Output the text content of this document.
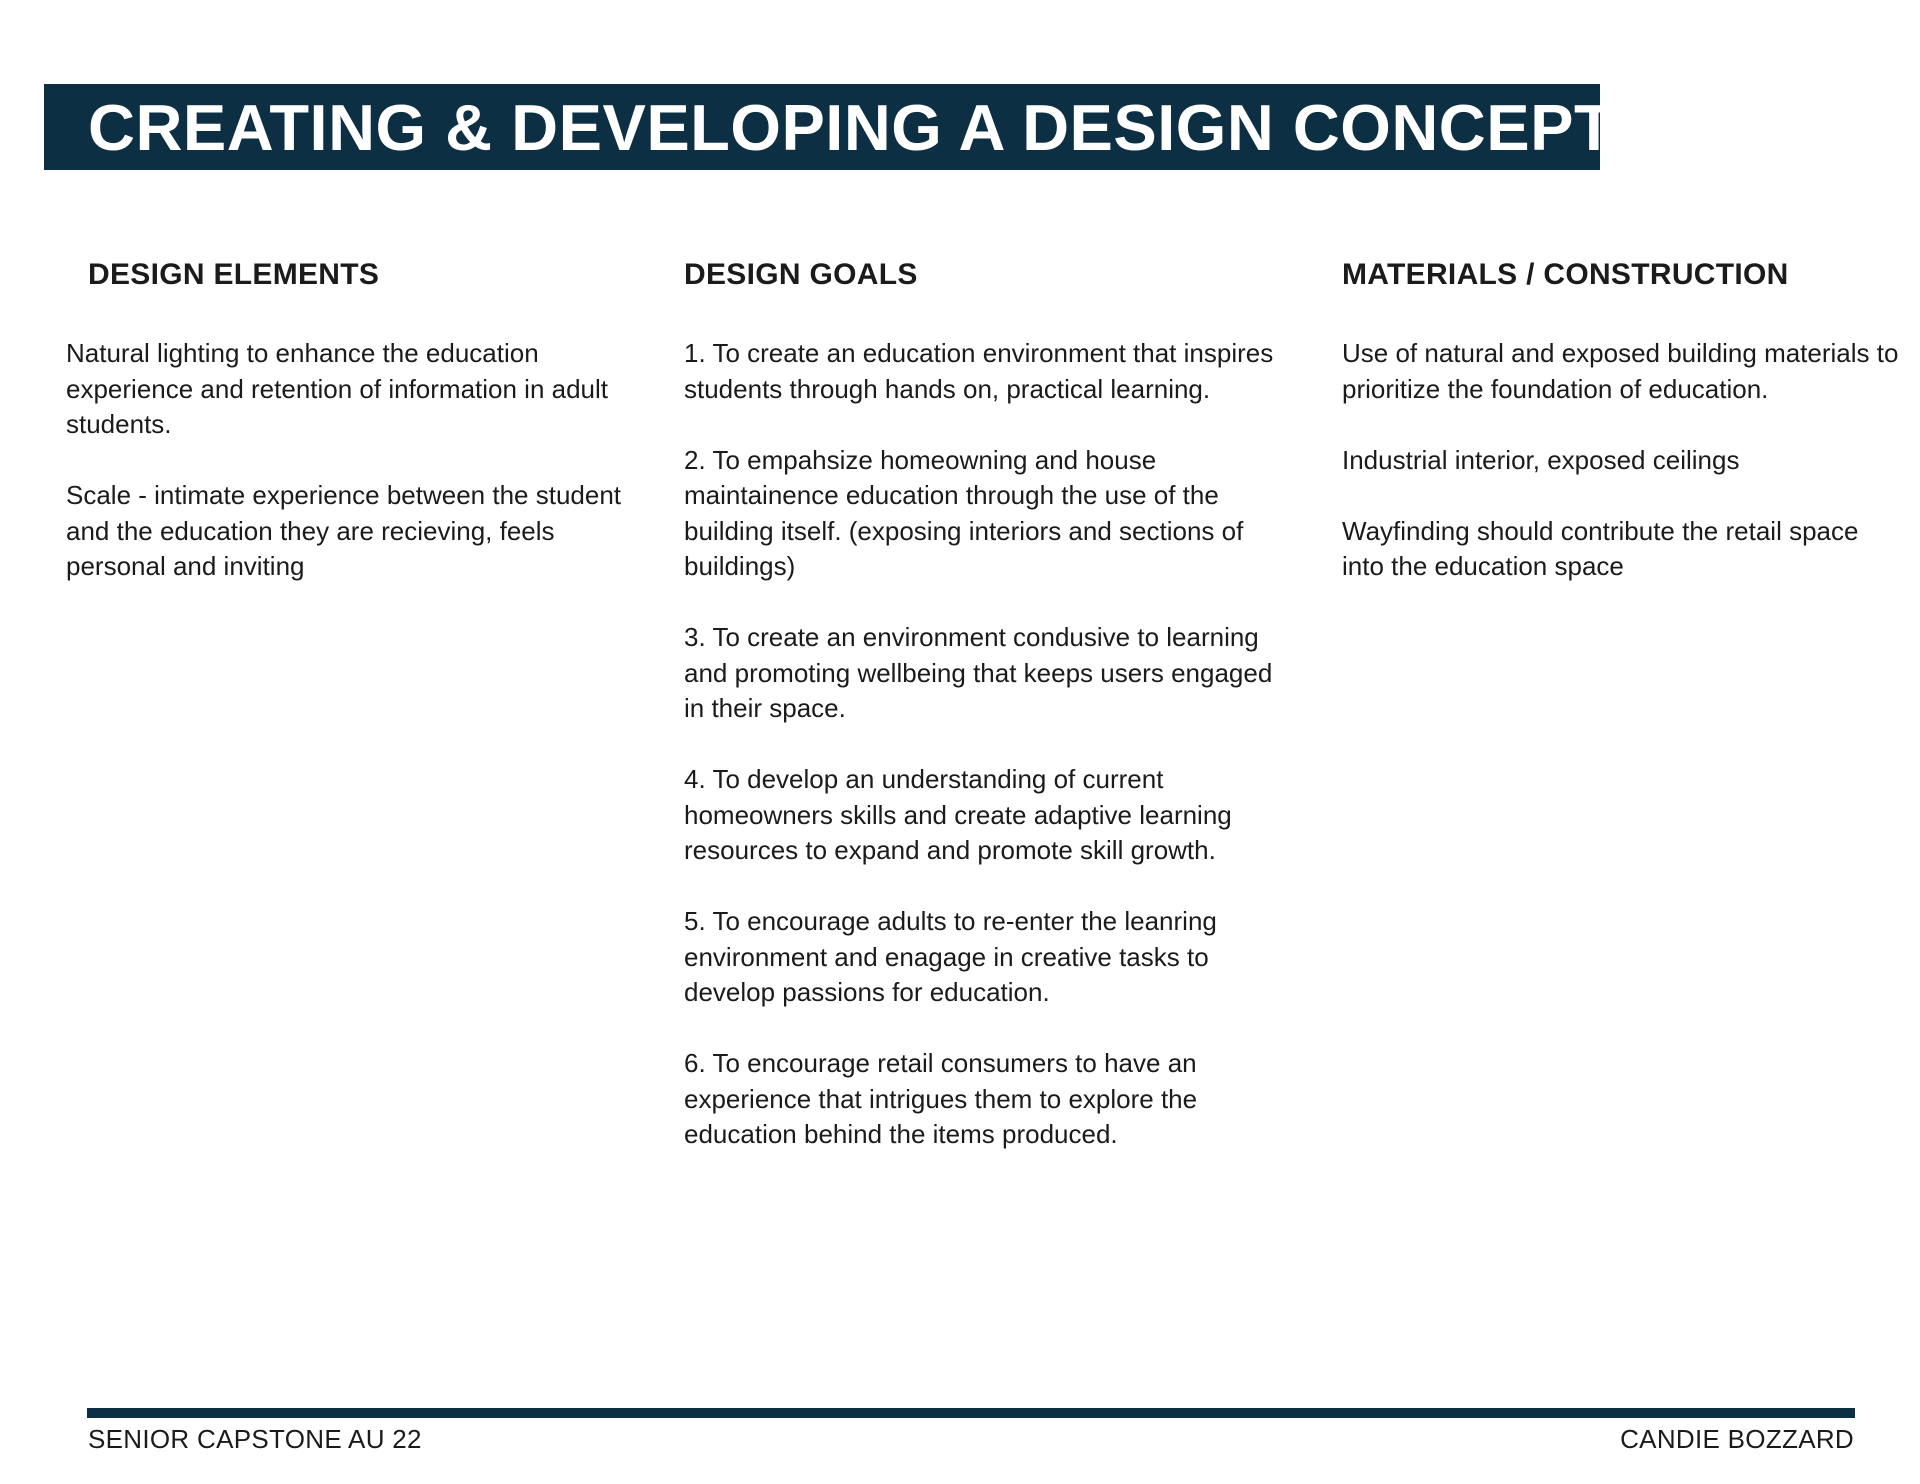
CREATING & DEVELOPING A DESIGN CONCEPT
DESIGN ELEMENTS

Natural lighting to enhance the education experience and retention of information in adult students.

Scale - intimate experience between the student and the education they are recieving, feels personal and inviting

DESIGN GOALS

1. To create an education environment that inspires students through hands on, practical learning.

2. To empahsize homeowning and house maintainence education through the use of the building itself. (exposing interiors and sections of buildings)

3. To create an environment condusive to learning and promoting wellbeing that keeps users engaged in their space.

4. To develop an understanding of current homeowners skills and create adaptive learning resources to expand and promote skill growth.

5. To encourage adults to re-enter the leanring environment and enagage in creative tasks to develop passions for education.

6. To encourage retail consumers to have an experience that intrigues them to explore the education behind the items produced.

MATERIALS / CONSTRUCTION

Use of natural and exposed building materials to prioritize the foundation of education.

Industrial interior, exposed ceilings

Wayfinding should contribute the retail space into the education space

SENIOR CAPSTONE AU 22	CANDIE BOZZARD
